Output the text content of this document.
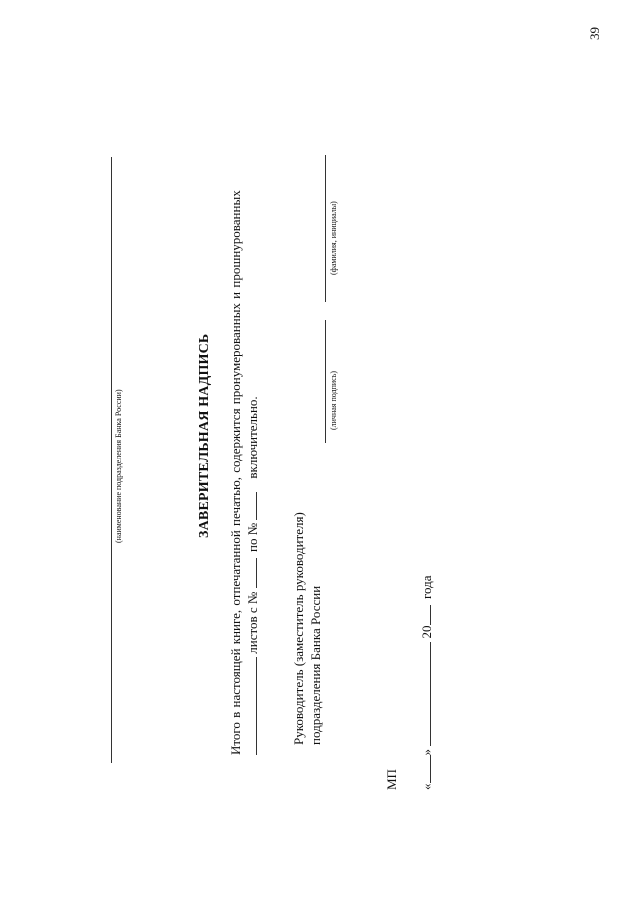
39
(наименование подразделения Банка России)	ЗАВЕРИТЕЛЬНАЯ НАДПИСЬ Итого в настоящей книге, отпечатанной печатью, содержится пронумерованных и прошнурованных листов с №   по №     включительно.
Руководитель (заместитель руководителя) подразделения Банка России
(личная подпись)
(фамилия, инициалы)
МП «»  20  года
